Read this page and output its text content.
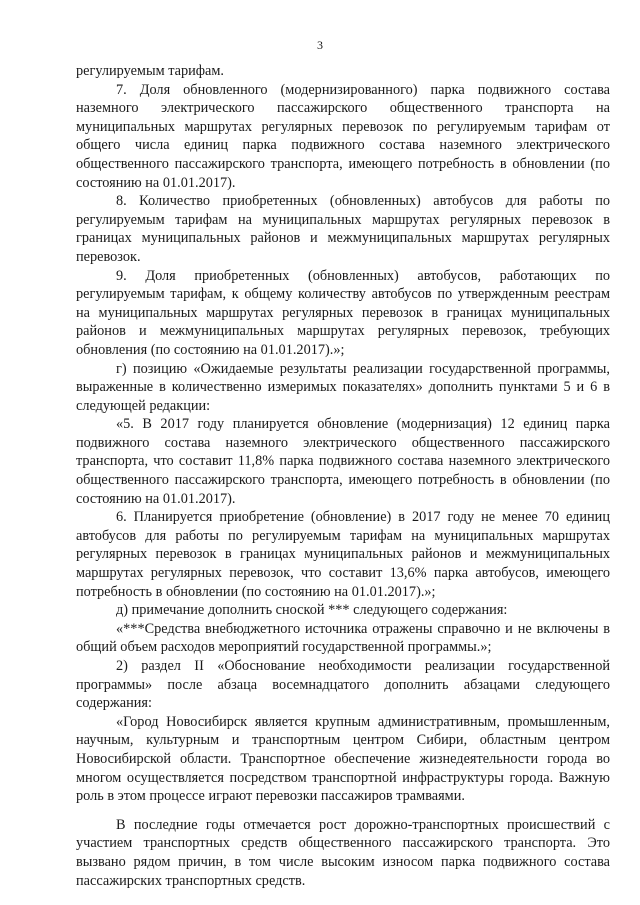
3

регулируемым тарифам.

7. Доля обновленного (модернизированного) парка подвижного состава наземного электрического пассажирского общественного транспорта на муниципальных маршрутах регулярных перевозок по регулируемым тарифам от общего числа единиц парка подвижного состава наземного электрического общественного пассажирского транспорта, имеющего потребность в обновлении (по состоянию на 01.01.2017).

8. Количество приобретенных (обновленных) автобусов для работы по регулируемым тарифам на муниципальных маршрутах регулярных перевозок в границах муниципальных районов и межмуниципальных маршрутах регулярных перевозок.

9. Доля приобретенных (обновленных) автобусов, работающих по регулируемым тарифам, к общему количеству автобусов по утвержденным реестрам на муниципальных маршрутах регулярных перевозок в границах муниципальных районов и межмуниципальных маршрутах регулярных перевозок, требующих обновления (по состоянию на 01.01.2017).»;

г) позицию «Ожидаемые результаты реализации государственной программы, выраженные в количественно измеримых показателях» дополнить пунктами 5 и 6 в следующей редакции:

«5. В 2017 году планируется обновление (модернизация) 12 единиц парка подвижного состава наземного электрического общественного пассажирского транспорта, что составит 11,8% парка подвижного состава наземного электрического общественного пассажирского транспорта, имеющего потребность в обновлении (по состоянию на 01.01.2017).

6. Планируется приобретение (обновление) в 2017 году не менее 70 единиц автобусов для работы по регулируемым тарифам на муниципальных маршрутах регулярных перевозок в границах муниципальных районов и межмуниципальных маршрутах регулярных перевозок, что составит 13,6% парка автобусов, имеющего потребность в обновлении (по состоянию на 01.01.2017).»;

д) примечание дополнить сноской *** следующего содержания:

«***Средства внебюджетного источника отражены справочно и не включены в общий объем расходов мероприятий государственной программы.»;

2) раздел II «Обоснование необходимости реализации государственной программы» после абзаца восемнадцатого дополнить абзацами следующего содержания:

«Город Новосибирск является крупным административным, промышленным, научным, культурным и транспортным центром Сибири, областным центром Новосибирской области. Транспортное обеспечение жизнедеятельности города во многом осуществляется посредством транспортной инфраструктуры города. Важную роль в этом процессе играют перевозки пассажиров трамваями.

В последние годы отмечается рост дорожно-транспортных происшествий с участием транспортных средств общественного пассажирского транспорта. Это вызвано рядом причин, в том числе высоким износом парка подвижного состава пассажирских транспортных средств.
